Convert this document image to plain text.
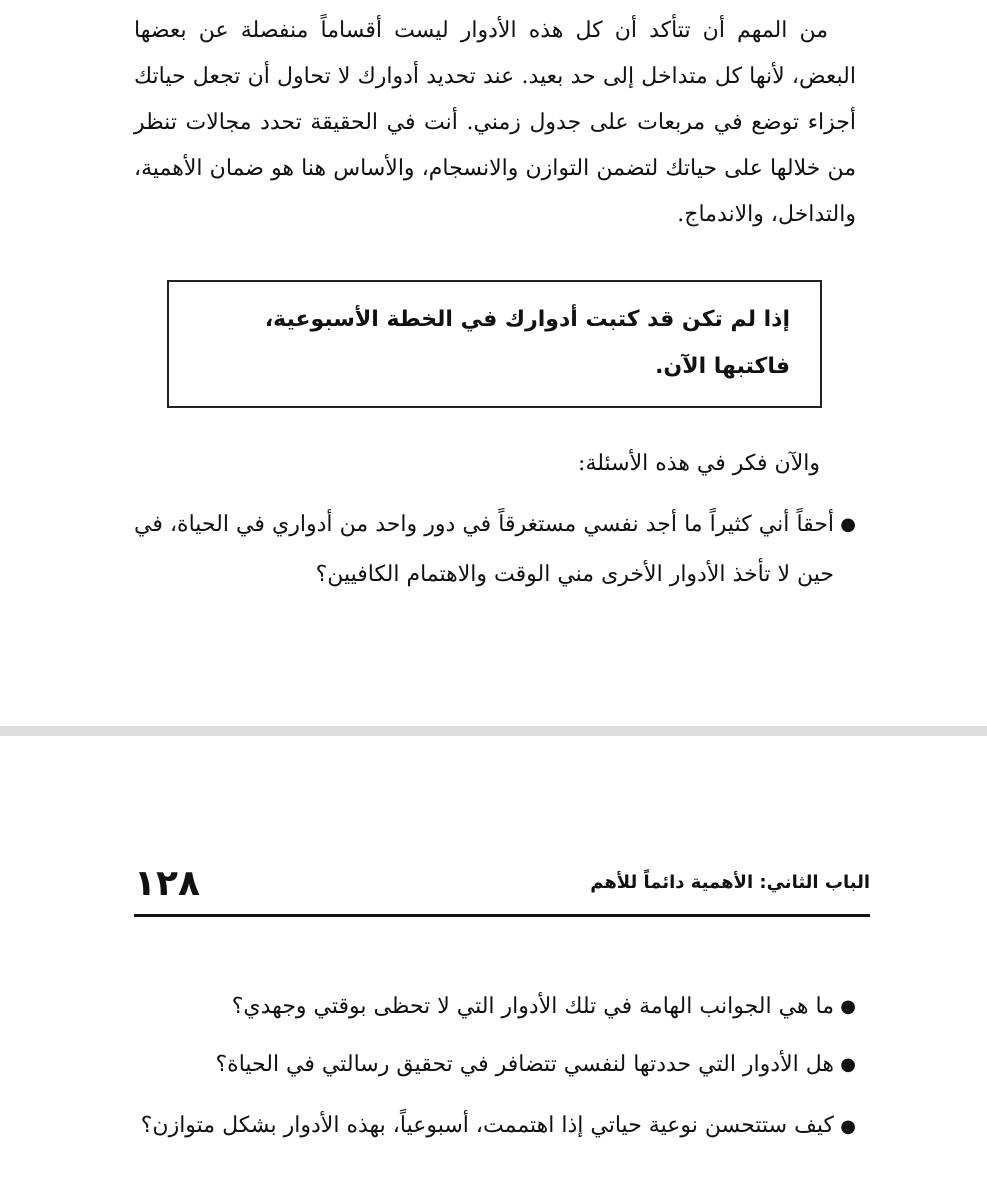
من المهم أن تتأكد أن كل هذه الأدوار ليست أقساماً منفصلة عن بعضها البعض، لأنها كل متداخل إلى حد بعيد. عند تحديد أدوارك لا تحاول أن تجعل حياتك أجزاء توضع في مربعات على جدول زمني. أنت في الحقيقة تحدد مجالات تنظر من خلالها على حياتك لتضمن التوازن والانسجام، والأساس هنا هو ضمان الأهمية، والتداخل، والاندماج.

إذا لم تكن قد كتبت أدوارك في الخطة الأسبوعية،

فاكتبها الآن.

والآن فكر في هذه الأسئلة:

●
أحقاً أني كثيراً ما أجد نفسي مستغرقاً في دور واحد من أدواري في الحياة، في حين لا تأخذ الأدوار الأخرى مني الوقت والاهتمام الكافيين؟
الباب الثاني: الأهمية دائماً للأهم
١٢٨
●
ما هي الجوانب الهامة في تلك الأدوار التي لا تحظى بوقتي وجهدي؟
●
هل الأدوار التي حددتها لنفسي تتضافر في تحقيق رسالتي في الحياة؟
●
كيف ستتحسن نوعية حياتي إذا اهتممت، أسبوعياً، بهذه الأدوار بشكل متوازن؟
